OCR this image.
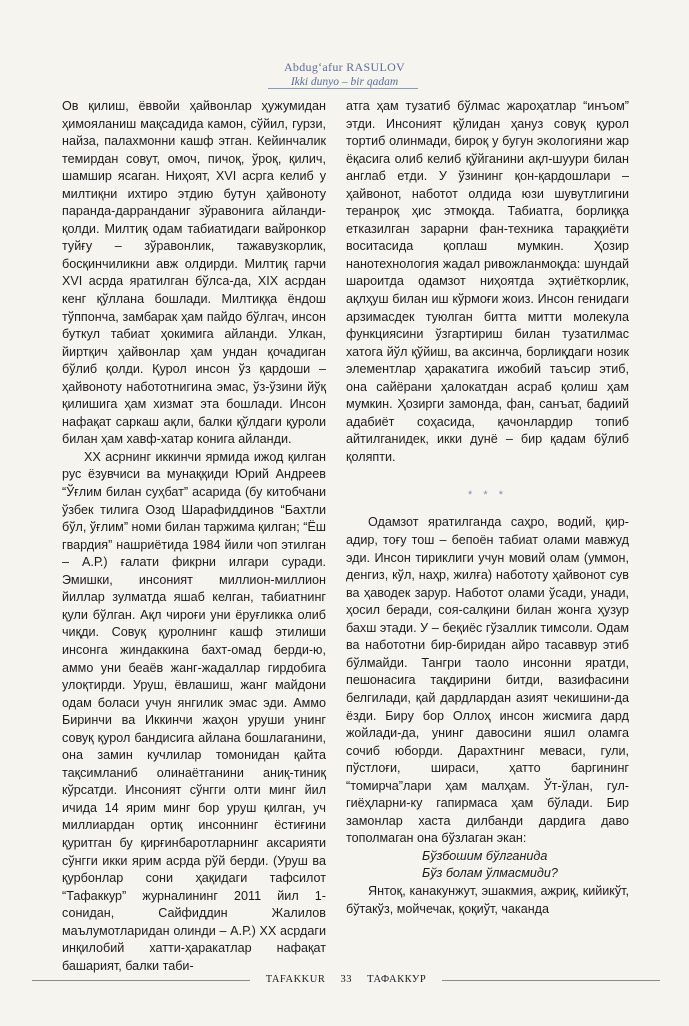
Abdug‘afur RASULOV
Ikki dunyo – bir qadam

Ов қилиш, ёввойи ҳайвонлар ҳужумидан ҳимояланиш мақсадида камон, сўйил, гурзи, найза, палахмонни кашф этган. Кейинчалик темирдан совут, омоч, пичоқ, ўроқ, қилич, шамшир ясаган. Ниҳоят, XVI асрга келиб у милтиқни ихтиро этдию бутун ҳайвоноту паранда-дарранданиг зўравонига айланди-қолди. Милтиқ одам табиатидаги вайронкор туйғу – зўравонлик, тажавузкорлик, босқинчиликни авж олдирди. Милтиқ гарчи XVI асрда яратилган бўлса-да, XIX асрдан кенг қўллана бошлади. Милтиққа ёндош тўппонча, замбарак ҳам пайдо бўлгач, инсон буткул табиат ҳокимига айланди. Улкан, йиртқич ҳайвонлар ҳам ундан қочадиган бўлиб қолди. Қурол инсон ўз қардоши – ҳайвоноту набототнигина эмас, ўз-ўзини йўқ қилишига ҳам хизмат эта бошлади. Инсон нафақат саркаш ақли, балки қўлдаги қуроли билан ҳам хавф-хатар конига айланди.

XX асрнинг иккинчи ярмида ижод қилган рус ёзувчиси ва мунаққиди Юрий Андреев “Ўғлим билан суҳбат” асарида (бу китобчани ўзбек тилига Озод Шарафиддинов “Бахтли бўл, ўғлим” номи билан таржима қилган; “Ёш гвардия” нашриётида 1984 йили чоп этилган – А.Р.) ғалати фикрни илгари суради. Эмишки, инсоният миллион-миллион йиллар зулматда яшаб келган, табиатнинг қули бўлган. Ақл чироғи уни ёруғликка олиб чиқди. Совуқ қуролнинг кашф этилиши инсонга жиндаккина бахт-омад берди-ю, аммо уни беаёв жанг-жадаллар гирдобига улоқтирди. Уруш, ёвлашиш, жанг майдони одам боласи учун янгилик эмас эди. Аммо Биринчи ва Иккинчи жаҳон уруши унинг совуқ қурол бандисига айлана бошлаганини, она замин кучлилар томонидан қайта тақсимланиб олинаётганини аниқ-тиниқ кўрсатди. Инсоният сўнгги олти минг йил ичида 14 ярим минг бор уруш қилган, уч миллиардан ортиқ инсоннинг ёстиғини қуритган бу қирғинбаротларнинг аксарияти сўнгги икки ярим асрда рўй берди. (Уруш ва қурбонлар сони ҳақидаги тафсилот “Тафаккур” журналининг 2011 йил 1-сонидан, Сайфиддин Жалилов маълумотларидан олинди – А.Р.) XX асрдаги инқилобий хатти-ҳаракатлар нафақат башарият, балки таби-

атга ҳам тузатиб бўлмас жароҳатлар “инъом” этди. Инсоният қўлидан ҳануз совуқ қурол тортиб олинмади, бироқ у бугун экологияни жар ёқасига олиб келиб қўйганини ақл-шуури билан англаб етди. У ўзининг қон-қардошлари – ҳайвонот, наботот олдида юзи шувутлигини теранроқ ҳис этмоқда. Табиатга, борлиққа етказилган зарарни фан-техника тараққиёти воситасида қоплаш мумкин. Ҳозир нанотехнология жадал ривожланмоқда: шундай шароитда одамзот ниҳоятда эҳтиёткорлик, ақлҳуш билан иш кўрмоғи жоиз. Инсон генидаги арзимасдек туюлган битта митти молекула функциясини ўзгартириш билан тузатилмас хатога йўл қўйиш, ва аксинча, борлиқдаги нозик элементлар ҳаракатига ижобий таъсир этиб, она сайёрани ҳалокатдан асраб қолиш ҳам мумкин. Ҳозирги замонда, фан, санъат, бадиий адабиёт соҳасида, қачонлардир топиб айтилганидек, икки дунё – бир қадам бўлиб қоляпти.

* * *

Одамзот яратилганда саҳро, водий, қир-адир, тоғу тош – бепоён табиат олами мавжуд эди. Инсон тириклиги учун мовий олам (уммон, денгиз, кўл, наҳр, жилға) набототу ҳайвонот сув ва ҳаводек зарур. Наботот олами ўсади, унади, ҳосил беради, соя-салқини билан жонга ҳузур бахш этади. У – беқиёс гўзаллик тимсоли. Одам ва набототни бир-биридан айро тасаввур этиб бўлмайди. Тангри таоло инсонни яратди, пешонасига тақдирини битди, вазифасини белгилади, қай дардлардан азият чекишини-да ёзди. Бирy бор Оллоҳ инсон жисмига дард жойлади-да, унинг давосини яшил оламга сочиб юборди. Дарахтнинг меваси, гули, пўстлоғи, шираси, ҳатто баргининг “томирча”лари ҳам малҳам. Ўт-ўлан, гул-гиёҳларни-ку гапирмаса ҳам бўлади. Бир замонлар хаста дилбанди дардига даво тополмаган она бўзлаган экан:

Бўзбошим бўлганида

Бўз болам ўлмасмиди?

Янтоқ, канакунжут, эшакмия, ажриқ, кийикўт, бўтакўз, мойчечак, қоқиўт, чаканда

TAFAKKUR 33 ТАФАККУР
